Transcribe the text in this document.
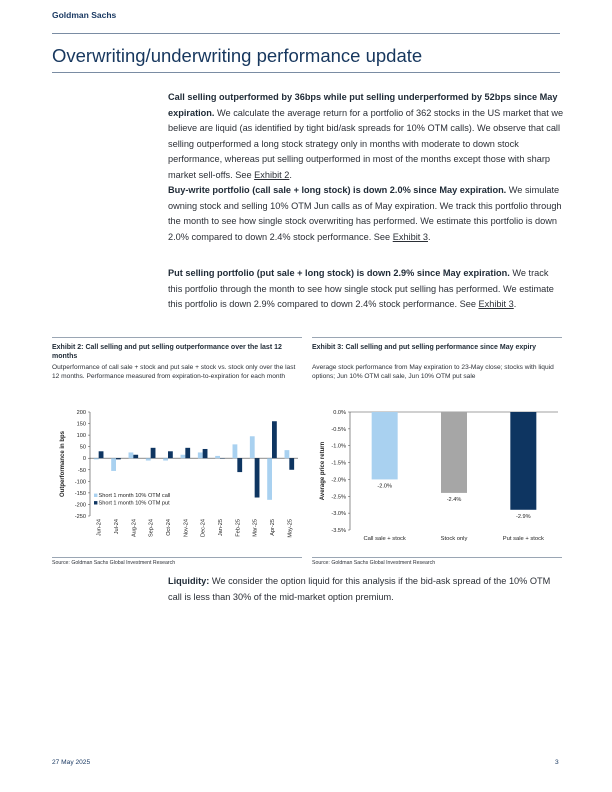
Goldman Sachs
Overwriting/underwriting performance update
Call selling outperformed by 36bps while put selling underperformed by 52bps since May expiration. We calculate the average return for a portfolio of 362 stocks in the US market that we believe are liquid (as identified by tight bid/ask spreads for 10% OTM calls). We observe that call selling outperformed a long stock strategy only in months with moderate to down stock performance, whereas put selling outperformed in most of the months except those with sharp market sell-offs. See Exhibit 2.
Buy-write portfolio (call sale + long stock) is down 2.0% since May expiration. We simulate owning stock and selling 10% OTM Jun calls as of May expiration. We track this portfolio through the month to see how single stock overwriting has performed. We estimate this portfolio is down 2.0% compared to down 2.4% stock performance. See Exhibit 3.
Put selling portfolio (put sale + long stock) is down 2.9% since May expiration. We track this portfolio through the month to see how single stock put selling has performed. We estimate this portfolio is down 2.9% compared to down 2.4% stock performance. See Exhibit 3.
Exhibit 2: Call selling and put selling outperformance over the last 12 months
Outperformance of call sale + stock and put sale + stock vs. stock only over the last 12 months. Performance measured from expiration-to-expiration for each month
200
150
100
50
0
-50
-100
-150
-200
-250
Jun-24 Jul-24 Aug-24 Sep-24 Oct-24 Nov-24 Dec-24 Jan-25 Feb-25 Mar-25 Apr-25 May-25
Outperformance in bps	Short 1 month 10% OTM call
Short 1 month 10% OTM put
Source: Goldman Sachs Global Investment Research
Exhibit 3: Call selling and put selling performance since May expiry
Average stock performance from May expiration to 23-May close; stocks with liquid options; Jun 10% OTM call sale, Jun 10% OTM put sale
0.0%
-0.5%
-1.0%
-1.5%
-2.0%
-2.5%
-3.0%
-3.5%
-2.0%
Call sale + stock
-2.4%
Stock only
-2.9%
Put sale + stock
Average price return
Source: Goldman Sachs Global Investment Research
Liquidity: We consider the option liquid for this analysis if the bid-ask spread of the 10% OTM call is less than 30% of the mid-market option premium.
27 May 2025	3
